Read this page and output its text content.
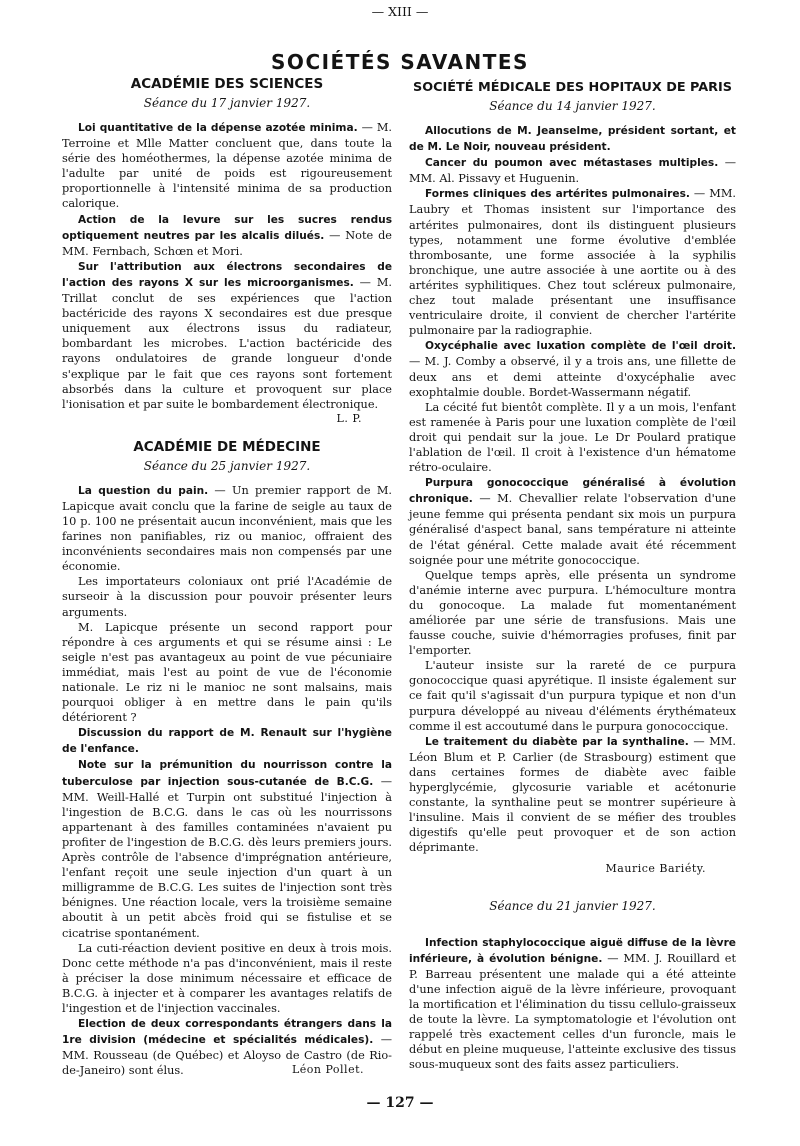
— XIII —
SOCIÉTÉS SAVANTES
ACADÉMIE DES SCIENCES
Séance du 17 janvier 1927.

Loi quantitative de la dépense azotée minima. — M. Terroine et Mlle Matter concluent que, dans toute la série des homéothermes, la dépense azotée minima de l'adulte par unité de poids est rigoureusement proportionnelle à l'intensité minima de sa production calorique.

Action de la levure sur les sucres rendus optiquement neutres par les alcalis dilués. — Note de MM. Fernbach, Schœn et Mori.

Sur l'attribution aux électrons secondaires de l'action des rayons X sur les microorganismes. — M. Trillat conclut de ses expériences que l'action bactéricide des rayons X secondaires est due presque uniquement aux électrons issus du radiateur, bombardant les microbes. L'action bactéricide des rayons ondulatoires de grande longueur d'onde s'explique par le fait que ces rayons sont fortement absorbés dans la culture et provoquent sur place l'ionisation et par suite le bombardement électronique.

L. P.
ACADÉMIE DE MÉDECINE
Séance du 25 janvier 1927.

La question du pain. — Un premier rapport de M. Lapicque avait conclu que la farine de seigle au taux de 10 p. 100 ne présentait aucun inconvénient, mais que les farines non panifiables, riz ou manioc, offraient des inconvénients secondaires mais non compensés par une économie.

Les importateurs coloniaux ont prié l'Académie de surseoir à la discussion pour pouvoir présenter leurs arguments.

M. Lapicque présente un second rapport pour répondre à ces arguments et qui se résume ainsi : Le seigle n'est pas avantageux au point de vue pécuniaire immédiat, mais l'est au point de vue de l'économie nationale. Le riz ni le manioc ne sont malsains, mais pourquoi obliger à en mettre dans le pain qu'ils détériorent ?

Discussion du rapport de M. Renault sur l'hygiène de l'enfance.

Note sur la prémunition du nourrisson contre la tuberculose par injection sous-cutanée de B.C.G. — MM. Weill-Hallé et Turpin ont substitué l'injection à l'ingestion de B.C.G. dans le cas où les nourrissons appartenant à des familles contaminées n'avaient pu profiter de l'ingestion de B.C.G. dès leurs premiers jours. Après contrôle de l'absence d'imprégnation antérieure, l'enfant reçoit une seule injection d'un quart à un milligramme de B.C.G. Les suites de l'injection sont très bénignes. Une réaction locale, vers la troisième semaine aboutit à un petit abcès froid qui se fistulise et se cicatrise spontanément.

La cuti-réaction devient positive en deux à trois mois. Donc cette méthode n'a pas d'inconvénient, mais il reste à préciser la dose minimum nécessaire et efficace de B.C.G. à injecter et à comparer les avantages relatifs de l'ingestion et de l'injection vaccinales.

Election de deux correspondants étrangers dans la 1re division (médecine et spécialités médicales). — MM. Rousseau (de Québec) et Aloyso de Castro (de Rio-de-Janeiro) sont élus.	Léon Pollet.
SOCIÉTÉ MÉDICALE DES HOPITAUX DE PARIS
Séance du 14 janvier 1927.

Allocutions de M. Jeanselme, président sortant, et de M. Le Noir, nouveau président.

Cancer du poumon avec métastases multiples. — MM. Al. Pissavy et Huguenin.

Formes cliniques des artérites pulmonaires. — MM. Laubry et Thomas insistent sur l'importance des artérites pulmonaires, dont ils distinguent plusieurs types, notamment une forme évolutive d'emblée thrombosante, une forme associée à la syphilis bronchique, une autre associée à une aortite ou à des artérites syphilitiques. Chez tout scléreux pulmonaire, chez tout malade présentant une insuffisance ventriculaire droite, il convient de chercher l'artérite pulmonaire par la radiographie.

Oxycéphalie avec luxation complète de l'œil droit. — M. J. Comby a observé, il y a trois ans, une fillette de deux ans et demi atteinte d'oxycéphalie avec exophtalmie double. Bordet-Wassermann négatif.

La cécité fut bientôt complète. Il y a un mois, l'enfant est ramenée à Paris pour une luxation complète de l'œil droit qui pendait sur la joue. Le Dr Poulard pratique l'ablation de l'œil. Il croit à l'existence d'un hématome rétro-oculaire.

Purpura gonococcique généralisé à évolution chronique. — M. Chevallier relate l'observation d'une jeune femme qui présenta pendant six mois un purpura généralisé d'aspect banal, sans température ni atteinte de l'état général. Cette malade avait été récemment soignée pour une métrite gonococcique.

Quelque temps après, elle présenta un syndrome d'anémie interne avec purpura. L'hémoculture montra du gonocoque. La malade fut momentanément améliorée par une série de transfusions. Mais une fausse couche, suivie d'hémorragies profuses, finit par l'emporter.

L'auteur insiste sur la rareté de ce purpura gonococcique quasi apyrétique. Il insiste également sur ce fait qu'il s'agissait d'un purpura typique et non d'un purpura développé au niveau d'éléments érythémateux comme il est accoutumé dans le purpura gonococcique.

Le traitement du diabète par la synthaline. — MM. Léon Blum et P. Carlier (de Strasbourg) estiment que dans certaines formes de diabète avec faible hyperglycémie, glycosurie variable et acétonurie constante, la synthaline peut se montrer supérieure à l'insuline. Mais il convient de se méfier des troubles digestifs qu'elle peut provoquer et de son action déprimante.

Maurice Bariéty.
Séance du 21 janvier 1927.

Infection staphylococcique aiguë diffuse de la lèvre inférieure, à évolution bénigne. — MM. J. Rouillard et P. Barreau présentent une malade qui a été atteinte d'une infection aiguë de la lèvre inférieure, provoquant la mortification et l'élimination du tissu cellulo-graisseux de toute la lèvre. La symptomatologie et l'évolution ont rappelé très exactement celles d'un furoncle, mais le début en pleine muqueuse, l'atteinte exclusive des tissus sous-muqueux sont des faits assez particuliers.

— 127 —
